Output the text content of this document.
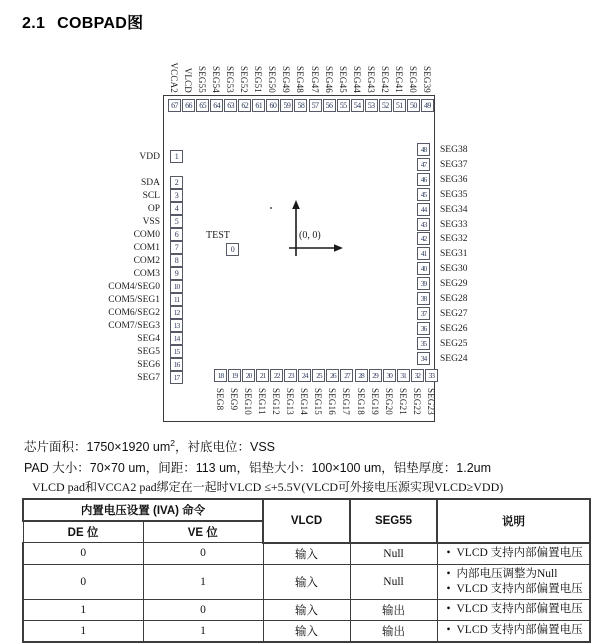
2.1 COBPAD图
67
VCCA2
66
VLCD
65
SEG55
64
SEG54
63
SEG53
62
SEG52
61
SEG51
60
SEG50
59
SEG49
58
SEG48
57
SEG47
56
SEG46
55
SEG45
54
SEG44
53
SEG43
52
SEG42
51
SEG41
50
SEG40
49
SEG39
1
VDD
2
SDA
3
SCL
4
OP
5
VSS
6
COM0
7
COM1
8
COM2
9
COM3
10
COM4/SEG0
11
COM5/SEG1
12
COM6/SEG2
13
COM7/SEG3
14
SEG4
15
SEG5
16
SEG6
17
SEG7
48	SEG38
47	SEG37
46	SEG36
45	SEG35
44	SEG34
43	SEG33
42	SEG32
41	SEG31
40	SEG30
39	SEG29
38	SEG28
37	SEG27
36	SEG26
35	SEG25
34	SEG24
18
SEG8
19
SEG9
20
SEG10
21
SEG11
22
SEG12
23
SEG13
24
SEG14
25
SEG15
26
SEG16
27
SEG17
28
SEG18
29
SEG19
30
SEG20
31
SEG21
32
SEG22
33
SEG23
TEST
0
(0, 0)
芯片面积：1750×1920 $um^2$，衬底电位：VSS
PAD 大小：70×70 um，间距：113 um，铝垫大小：100×100 um，铝垫厚度：1.2um
VLCD pad和VCCA2 pad绑定在一起时VLCD ≤+5.5V(VLCD可外接电压源实现VLCD≥VDD)
内置电压设置 (IVA) 命令		VLCD	SEG55	说明
DE 位	VE 位			
0	0	输入	Null	
•VLCD 支持内部偏置电压

0	1	输入	Null	
• 内部电压调整为Null
• VLCD 支持内部偏置电压

1	0	输入	输出	
•VLCD 支持内部偏置电压

1	1	输入	输出	
•VLCD 支持内部偏置电压
